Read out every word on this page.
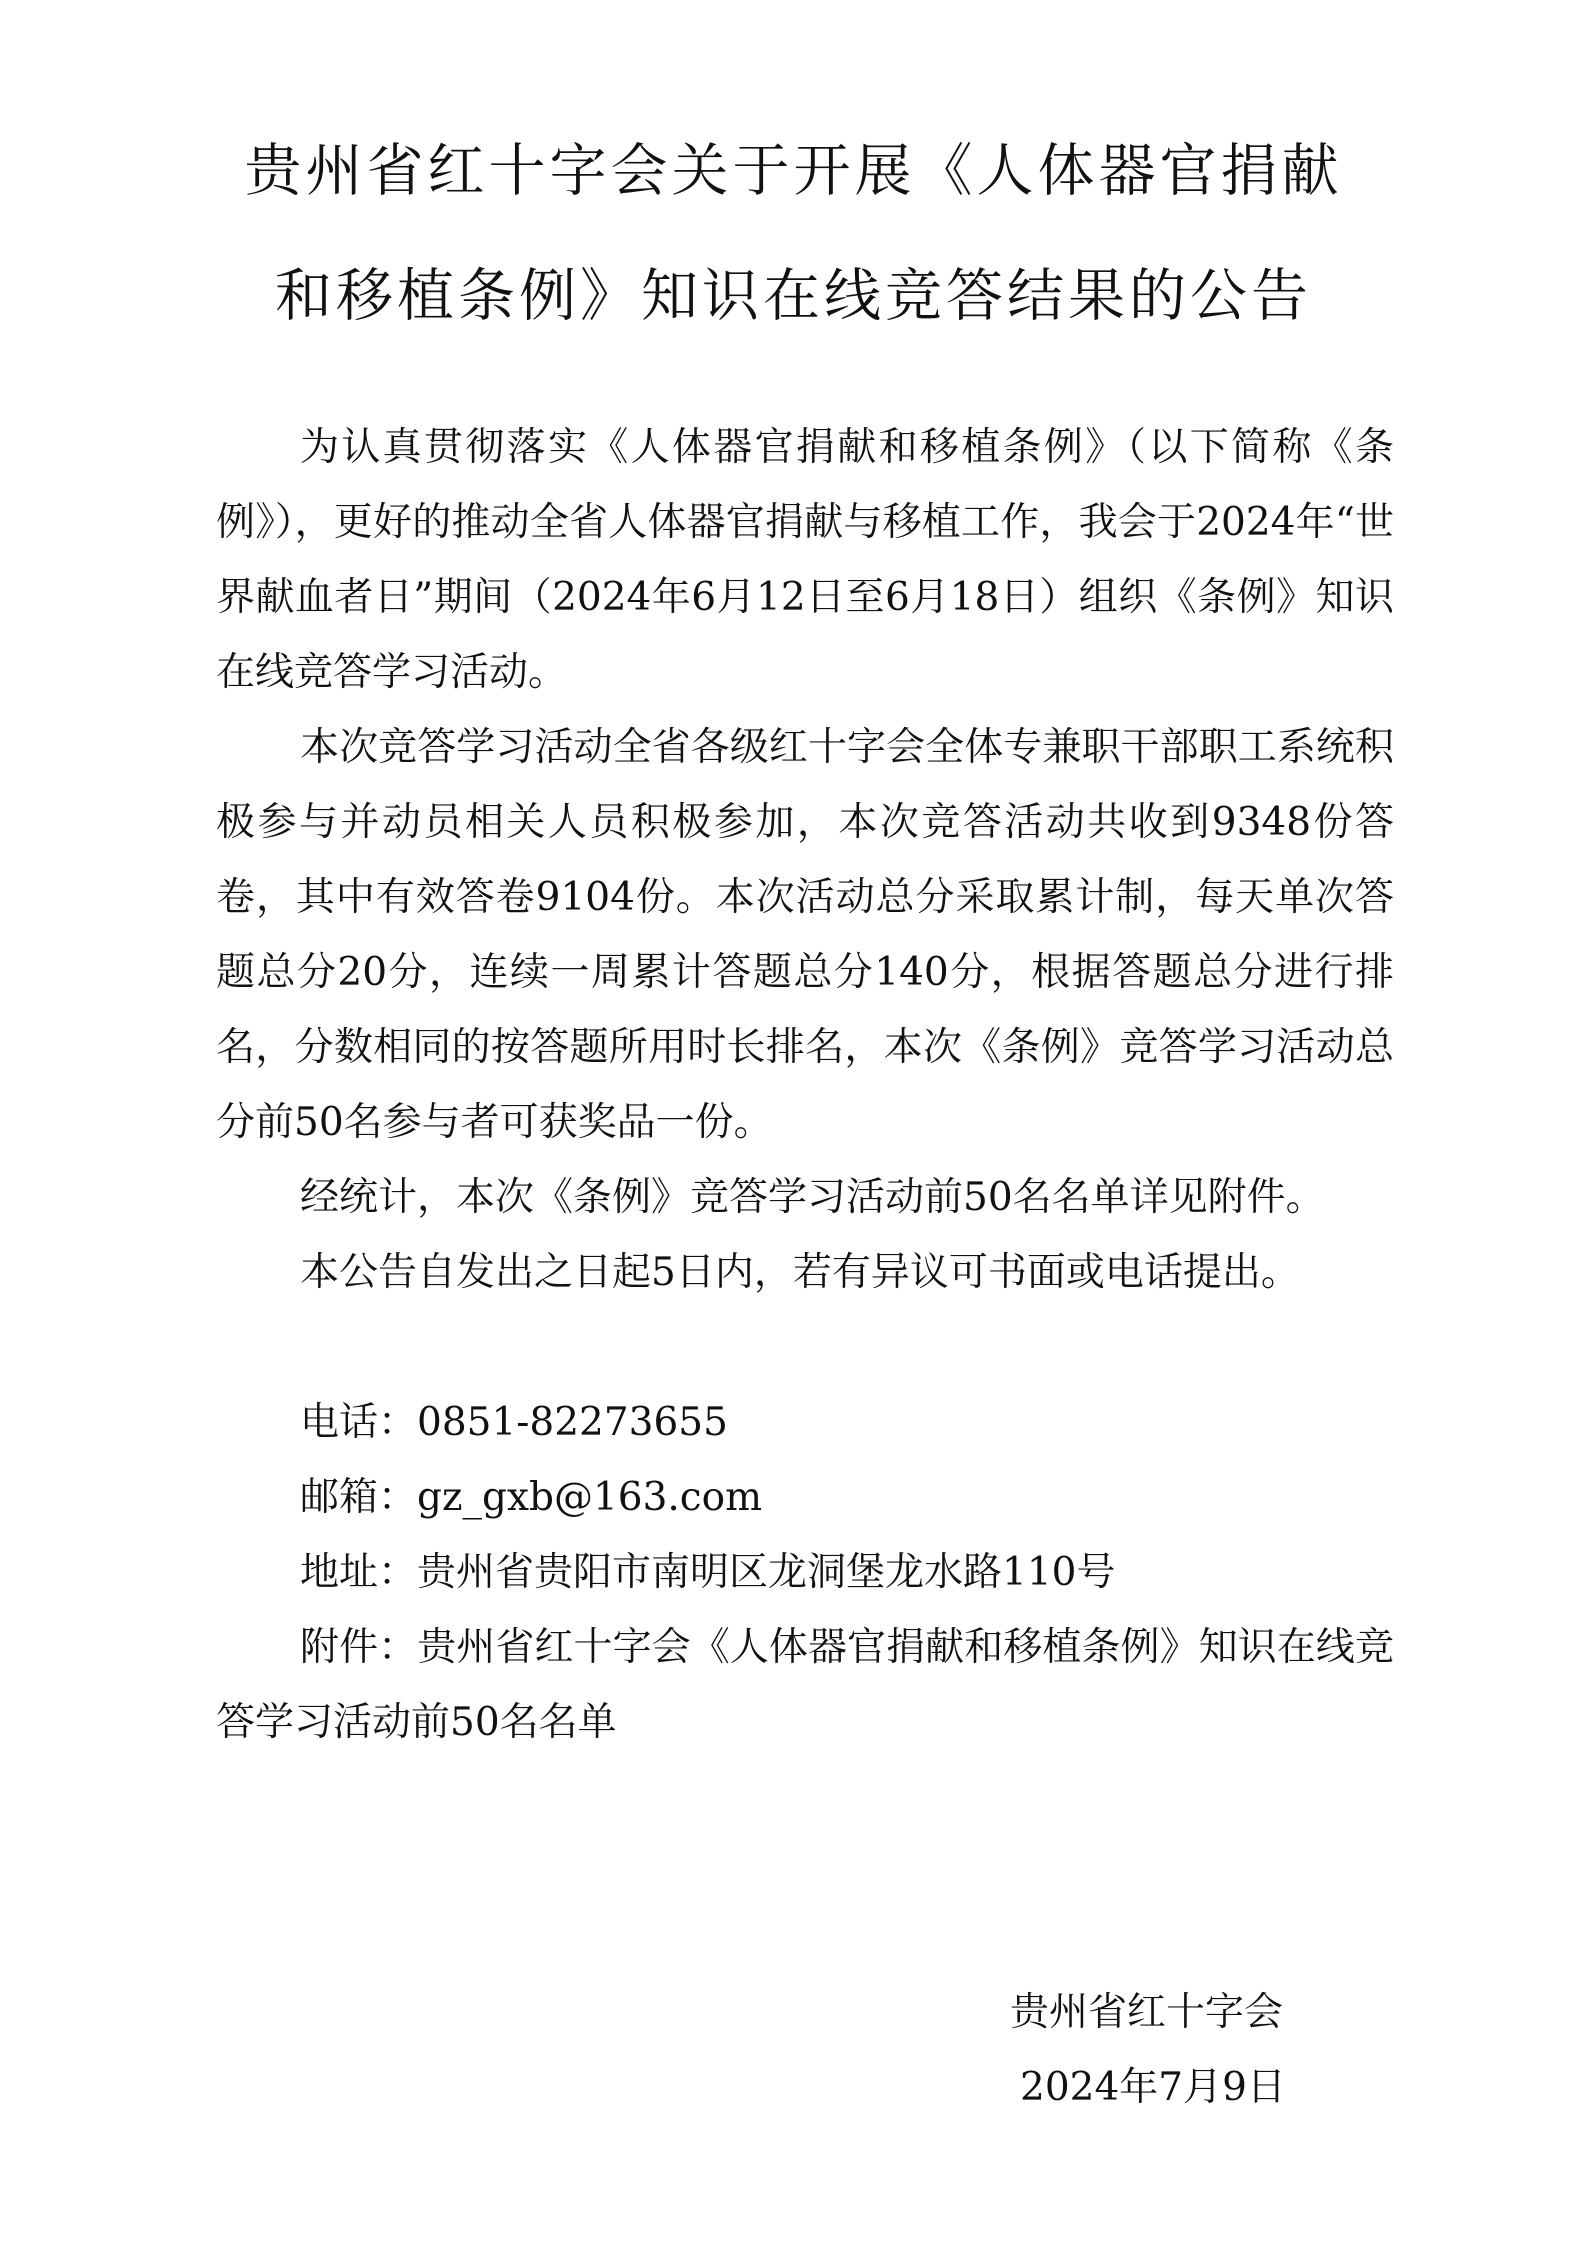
贵州省红十字会关于开展《人体器官捐献
和移植条例》知识在线竞答结果的公告

为认真贯彻落实《人体器官捐献和移植条例》（以下简称《条例》），更好的推动全省人体器官捐献与移植工作，我会于2024年“世界献血者日”期间（2024年6月12日至6月18日）组织《条例》知识在线竞答学习活动。

本次竞答学习活动全省各级红十字会全体专兼职干部职工系统积极参与并动员相关人员积极参加，本次竞答活动共收到9348份答卷，其中有效答卷9104份。本次活动总分采取累计制，每天单次答题总分20分，连续一周累计答题总分140分，根据答题总分进行排名，分数相同的按答题所用时长排名，本次《条例》竞答学习活动总分前50名参与者可获奖品一份。

经统计，本次《条例》竞答学习活动前50名名单详见附件。

本公告自发出之日起5日内，若有异议可书面或电话提出。

电话：0851-82273655

邮箱：gz_gxb@163.com

地址：贵州省贵阳市南明区龙洞堡龙水路110号

附件：贵州省红十字会《人体器官捐献和移植条例》知识在线竞答学习活动前50名名单

贵州省红十字会
2024年7月9日
